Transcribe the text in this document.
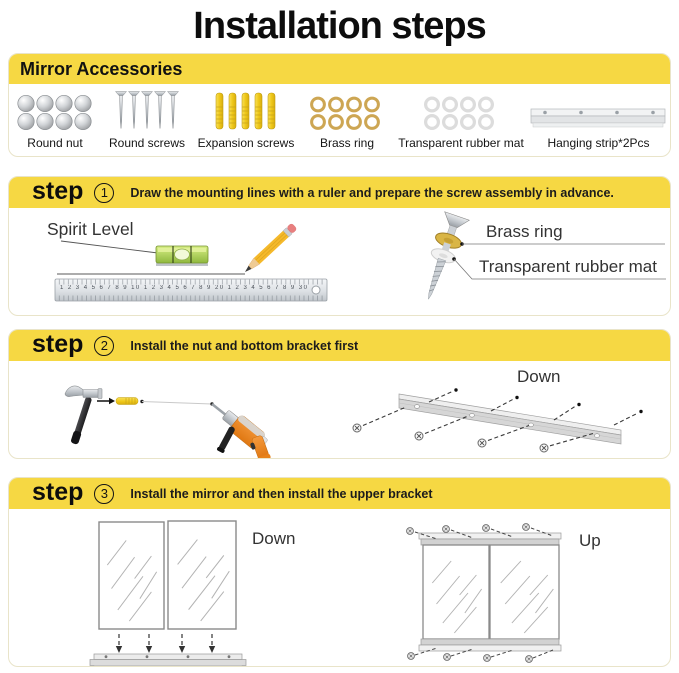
Installation steps
Mirror Accessories
Round nut Round screws Expansion screws Brass ring Transparent rubber mat Hanging strip*2Pcs
step	1	Draw the mounting lines with a ruler and prepare the screw assembly in advance.
Spirit Level	Brass ring
Transparent rubber mat
1 2 3 4 5 6 7 8 9 10 1 2 3 4 5 6 7 8 9 20 1 2 3 4 5 6 7 8 9 30
step	2	Install the nut and bottom bracket first
Down
step	3	Install the mirror and then install the upper bracket
Down	Up
